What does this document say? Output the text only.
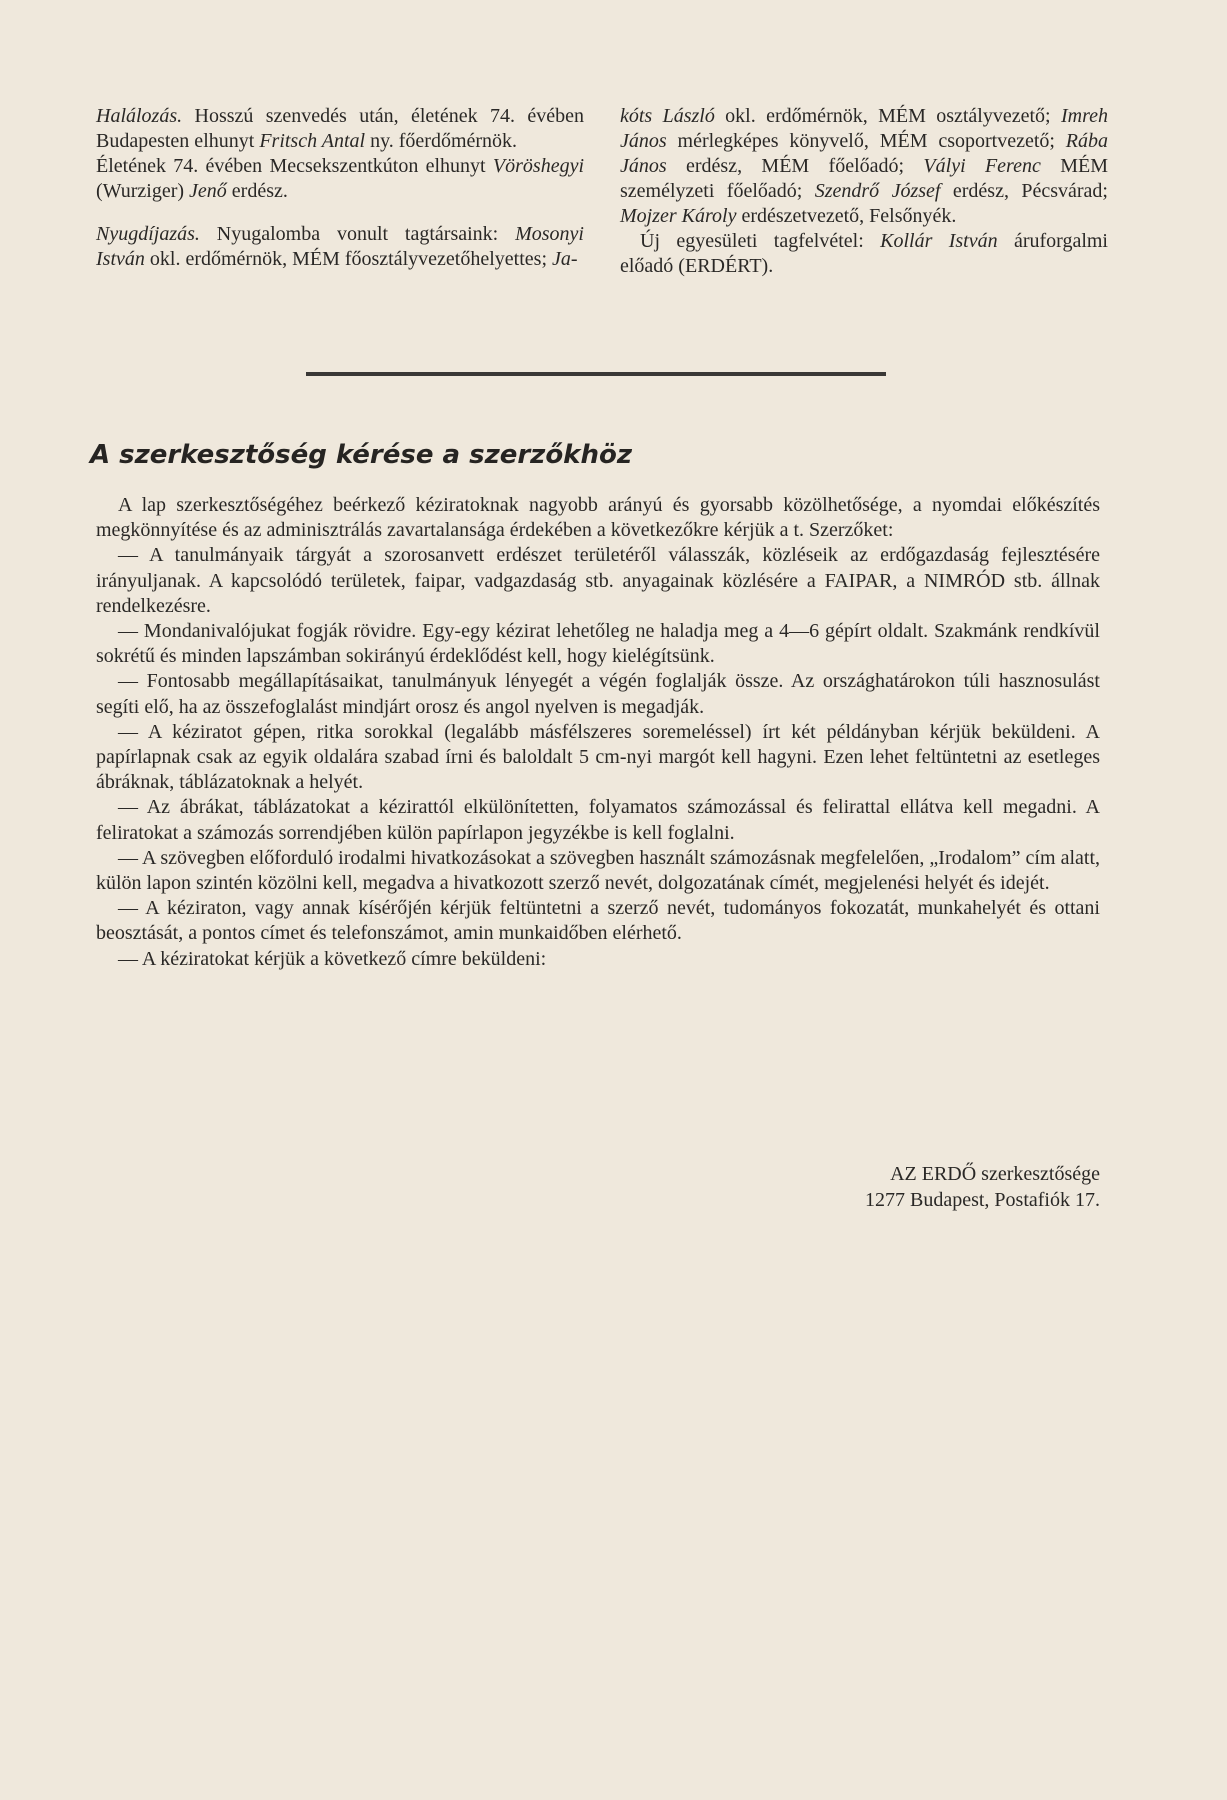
Halálozás. Hosszú szenvedés után, életének 74. évében Budapesten elhunyt Fritsch Antal ny. főerdőmérnök.

Életének 74. évében Mecsekszentkúton elhunyt Vöröshegyi (Wurziger) Jenő erdész.

Nyugdíjazás. Nyugalomba vonult tagtársaink: Mosonyi István okl. erdőmérnök, MÉM főosztályvezetőhelyettes; Ja-

kóts László okl. erdőmérnök, MÉM osztályvezető; Imreh János mérlegképes könyvelő, MÉM csoportvezető; Rába János erdész, MÉM főelőadó; Vályi Ferenc MÉM személyzeti főelőadó; Szendrő József erdész, Pécsvárad; Mojzer Károly erdészetvezető, Felsőnyék.

Új egyesületi tagfelvétel: Kollár István áruforgalmi előadó (ERDÉRT).

A szerkesztőség kérése a szerzőkhöz

A lap szerkesztőségéhez beérkező kéziratoknak nagyobb arányú és gyorsabb közölhetősége, a nyomdai előkészítés megkönnyítése és az adminisztrálás zavartalansága érdekében a következőkre kérjük a t. Szerzőket:

— A tanulmányaik tárgyát a szorosanvett erdészet területéről válasszák, közléseik az erdőgazdaság fejlesztésére irányuljanak. A kapcsolódó területek, faipar, vadgazdaság stb. anyagainak közlésére a FAIPAR, a NIMRÓD stb. állnak rendelkezésre.

— Mondanivalójukat fogják rövidre. Egy-egy kézirat lehetőleg ne haladja meg a 4—6 gépírt oldalt. Szakmánk rendkívül sokrétű és minden lapszámban sokirányú érdeklődést kell, hogy kielégítsünk.

— Fontosabb megállapításaikat, tanulmányuk lényegét a végén foglalják össze. Az országhatárokon túli hasznosulást segíti elő, ha az összefoglalást mindjárt orosz és angol nyelven is megadják.

— A kéziratot gépen, ritka sorokkal (legalább másfélszeres soremeléssel) írt két példányban kérjük beküldeni. A papírlapnak csak az egyik oldalára szabad írni és baloldalt 5 cm-nyi margót kell hagyni. Ezen lehet feltüntetni az esetleges ábráknak, táblázatoknak a helyét.

— Az ábrákat, táblázatokat a kézirattól elkülönítetten, folyamatos számozással és felirattal ellátva kell megadni. A feliratokat a számozás sorrendjében külön papírlapon jegyzékbe is kell foglalni.

— A szövegben előforduló irodalmi hivatkozásokat a szövegben használt számozásnak megfelelően, „Irodalom” cím alatt, külön lapon szintén közölni kell, megadva a hivatkozott szerző nevét, dolgozatának címét, megjelenési helyét és idejét.

— A kéziraton, vagy annak kísérőjén kérjük feltüntetni a szerző nevét, tudományos fokozatát, munkahelyét és ottani beosztását, a pontos címet és telefonszámot, amin munkaidőben elérhető.

— A kéziratokat kérjük a következő címre beküldeni:

AZ ERDŐ szerkesztősége
1277 Budapest, Postafiók 17.
